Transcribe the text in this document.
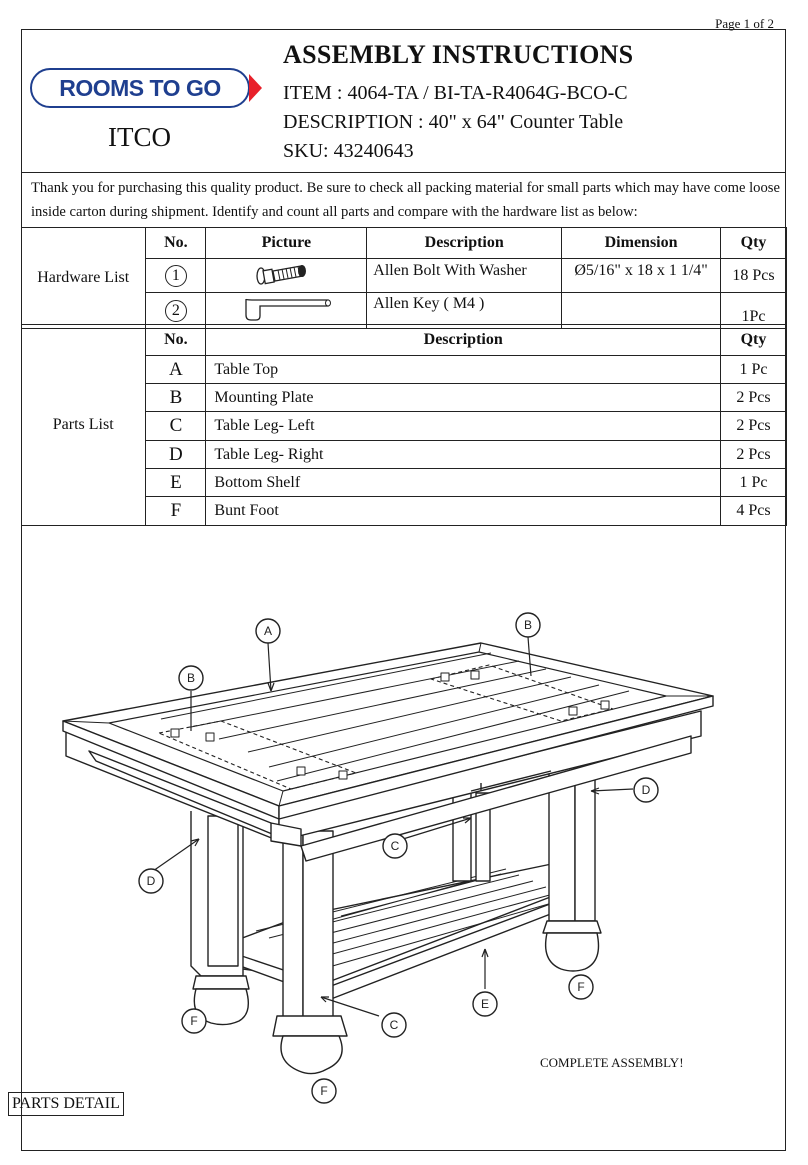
Page 1 of 2
ROOMS TO GO
ITCO
ASSEMBLY INSTRUCTIONS
ITEM : 4064-TA / BI-TA-R4064G-BCO-C
DESCRIPTION : 40" x 64" Counter Table
SKU: 43240643
Thank you for purchasing this quality product. Be sure to check all packing material for small parts which may have come loose inside carton during shipment. Identify and count all parts and compare with the hardware list as below:
Hardware List	No.	Picture	Description	Dimension	Qty
	1		Allen Bolt With Washer	Ø5/16" x 18 x 1 1/4"	18 Pcs
	2		Allen Key ( M4 )		1Pc
Parts List	No.	Description	Qty
	A	Table Top	1 Pc
	B	Mounting Plate	2 Pcs
	C	Table Leg- Left	2 Pcs
	D	Table Leg- Right	2 Pcs
	E	Bottom Shelf	1 Pc
	F	Bunt Foot	4 Pcs
A
B
B
D
D
C
C
E
F
F
F
COMPLETE ASSEMBLY!
PARTS DETAIL
